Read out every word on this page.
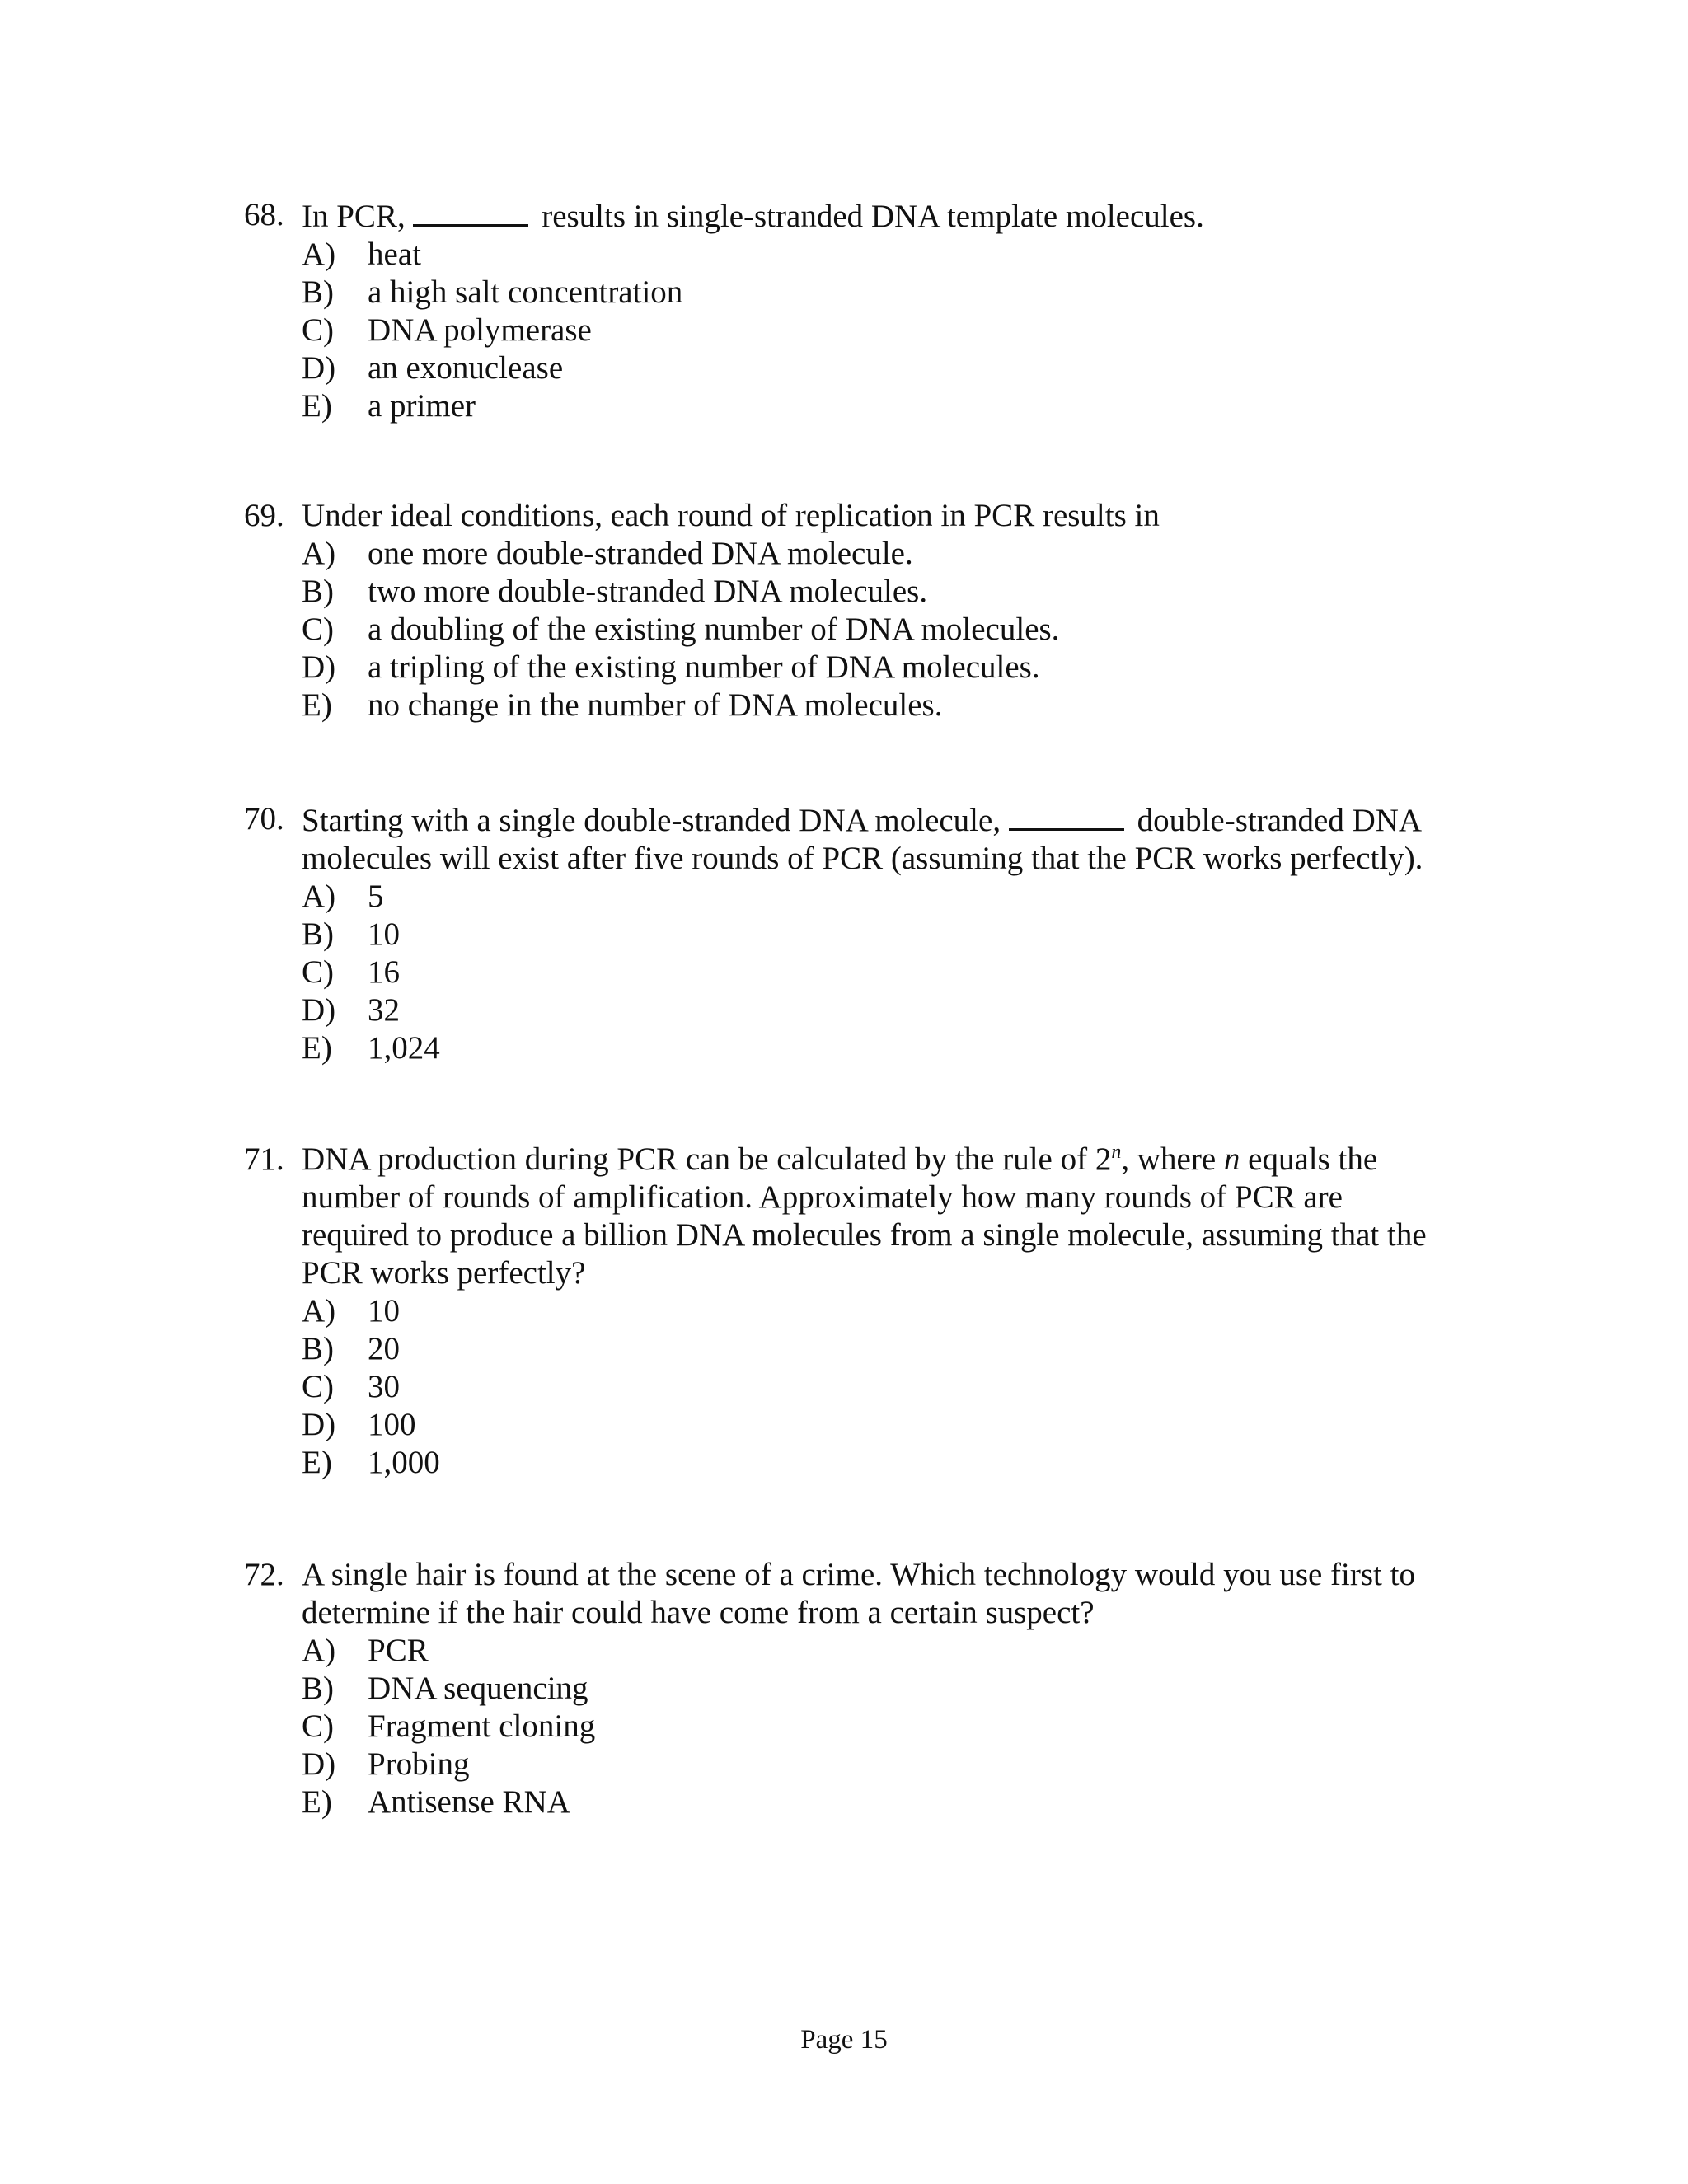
68. In PCR,	results in single-stranded DNA template molecules.
A) heat
B)	a high salt concentration
C)	DNA polymerase
D) an exonuclease
E)	a primer
69. Under ideal conditions, each round of replication in PCR results in
A) one more double-stranded DNA molecule.
B)	two more double-stranded DNA molecules.
C)	a doubling of the existing number of DNA molecules.
D) a tripling of the existing number of DNA molecules.
E)	no change in the number of DNA molecules.
70. Starting with a single double-stranded DNA molecule,	double-stranded DNA
molecules will exist after five rounds of PCR (assuming that the PCR works perfectly).
A) 5
B)	10
C)	16
D) 32
E)	1,024
71. DNA production during PCR can be calculated by the rule of 2$^n$, where n equals the
number of rounds of amplification. Approximately how many rounds of PCR are
required to produce a billion DNA molecules from a single molecule, assuming that the
PCR works perfectly?
A) 10
B)	20
C)	30
D) 100
E)	1,000
72. A single hair is found at the scene of a crime. Which technology would you use first to
determine if the hair could have come from a certain suspect?
A) PCR
B)	DNA sequencing
C)	Fragment cloning
D) Probing
E)	Antisense RNA
Page 15
